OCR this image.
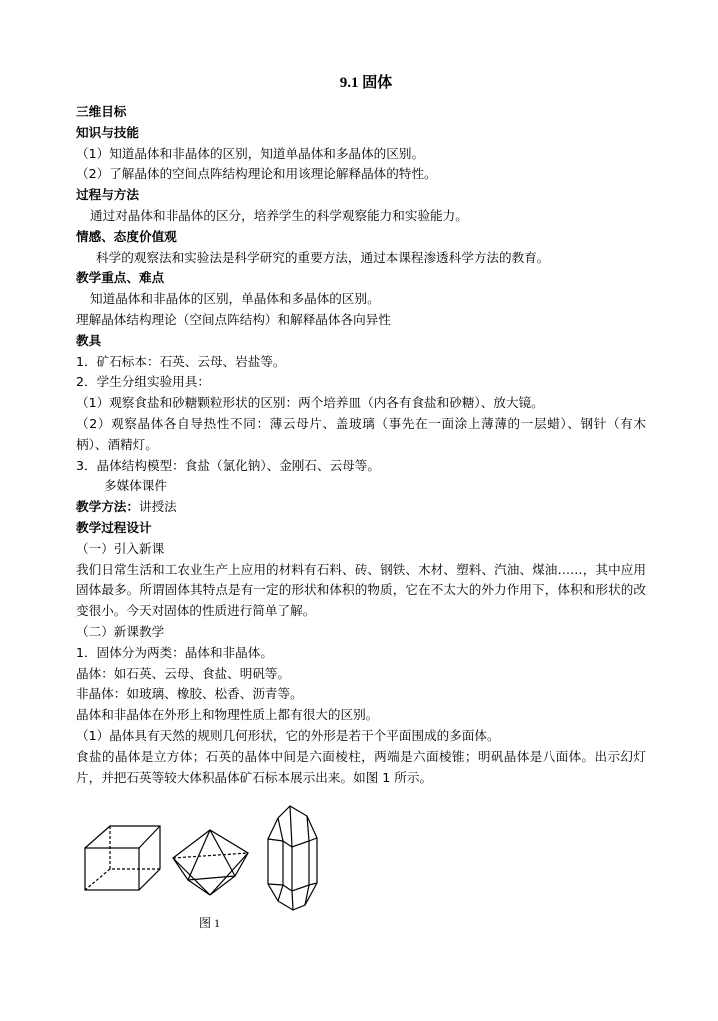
9.1 固体
三维目标
知识与技能
（1）知道晶体和非晶体的区别，知道单晶体和多晶体的区别。
（2）了解晶体的空间点阵结构理论和用该理论解释晶体的特性。
过程与方法
通过对晶体和非晶体的区分，培养学生的科学观察能力和实验能力。
情感、态度价值观
科学的观察法和实验法是科学研究的重要方法，通过本课程渗透科学方法的教育。
教学重点、难点
知道晶体和非晶体的区别，单晶体和多晶体的区别。
理解晶体结构理论（空间点阵结构）和解释晶体各向异性
教具
1．矿石标本：石英、云母、岩盐等。
2．学生分组实验用具：
（1）观察食盐和砂糖颗粒形状的区别：两个培养皿（内各有食盐和砂糖）、放大镜。
（2）观察晶体各自导热性不同：薄云母片、盖玻璃（事先在一面涂上薄薄的一层蜡）、钢针（有木柄）、酒精灯。
3．晶体结构模型：食盐（氯化钠）、金刚石、云母等。
多媒体课件
教学方法：讲授法
教学过程设计
（一）引入新课
我们日常生活和工农业生产上应用的材料有石料、砖、钢铁、木材、塑料、汽油、煤油……，其中应用固体最多。所谓固体其特点是有一定的形状和体积的物质，它在不太大的外力作用下，体积和形状的改变很小。今天对固体的性质进行简单了解。
（二）新课教学
1．固体分为两类：晶体和非晶体。
晶体：如石英、云母、食盐、明矾等。
非晶体：如玻璃、橡胶、松香、沥青等。
晶体和非晶体在外形上和物理性质上都有很大的区别。
（1）晶体具有天然的规则几何形状，它的外形是若干个平面围成的多面体。
食盐的晶体是立方体；石英的晶体中间是六面棱柱，两端是六面棱锥；明矾晶体是八面体。出示幻灯片，并把石英等较大体积晶体矿石标本展示出来。如图 1 所示。
图 1
